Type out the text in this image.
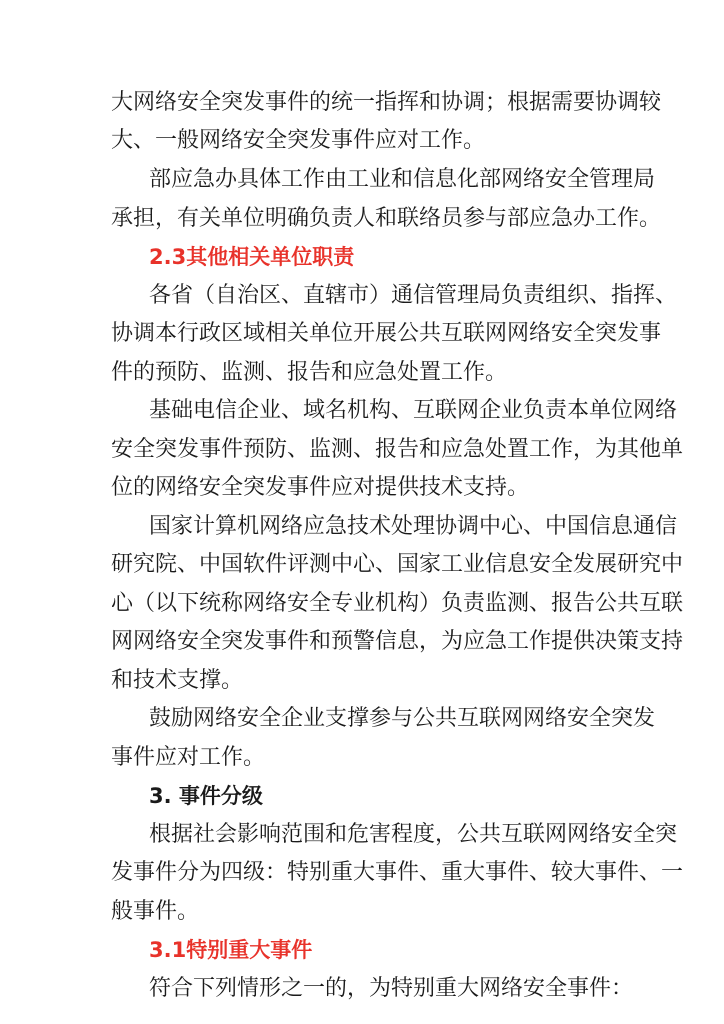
大网络安全突发事件的统一指挥和协调；根据需要协调较
大、一般网络安全突发事件应对工作。
部应急办具体工作由工业和信息化部网络安全管理局
承担，有关单位明确负责人和联络员参与部应急办工作。
2.3其他相关单位职责
各省（自治区、直辖市）通信管理局负责组织、指挥、
协调本行政区域相关单位开展公共互联网网络安全突发事
件的预防、监测、报告和应急处置工作。
基础电信企业、域名机构、互联网企业负责本单位网络
安全突发事件预防、监测、报告和应急处置工作，为其他单
位的网络安全突发事件应对提供技术支持。
国家计算机网络应急技术处理协调中心、中国信息通信
研究院、中国软件评测中心、国家工业信息安全发展研究中
心（以下统称网络安全专业机构）负责监测、报告公共互联
网网络安全突发事件和预警信息，为应急工作提供决策支持
和技术支撑。
鼓励网络安全企业支撑参与公共互联网网络安全突发
事件应对工作。
3. 事件分级
根据社会影响范围和危害程度，公共互联网网络安全突
发事件分为四级：特别重大事件、重大事件、较大事件、一
般事件。
3.1特别重大事件
符合下列情形之一的，为特别重大网络安全事件：
